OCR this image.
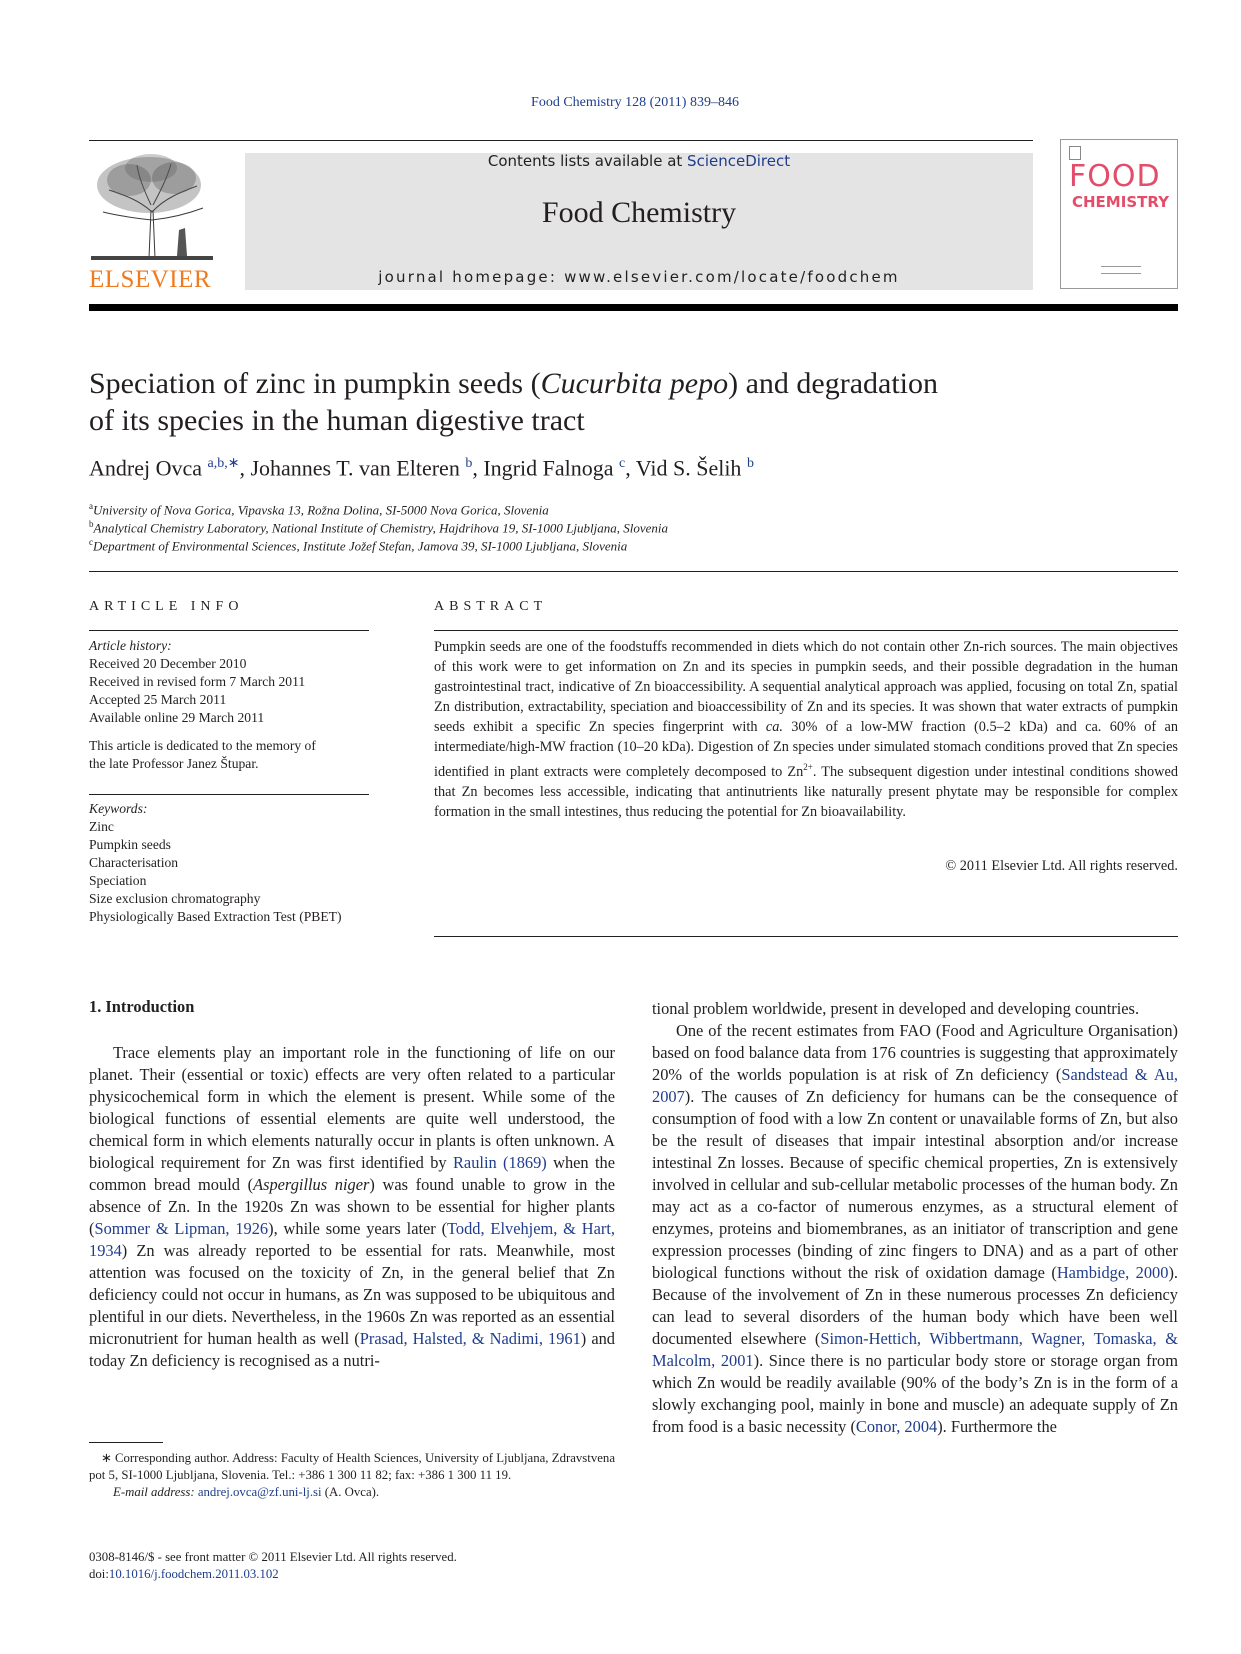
Food Chemistry 128 (2011) 839–846
ELSEVIER
Contents lists available at ScienceDirect
Food Chemistry
journal homepage: www.elsevier.com/locate/foodchem
FOOD
CHEMISTRY
Speciation of zinc in pumpkin seeds (Cucurbita pepo) and degradation
of its species in the human digestive tract
Andrej Ovca $^{a,b,∗}$, Johannes T. van Elteren $^b$, Ingrid Falnoga $^c$, Vid S. Šelih $^b$
$^a$University of Nova Gorica, Vipavska 13, Rožna Dolina, SI-5000 Nova Gorica, Slovenia
$^b$Analytical Chemistry Laboratory, National Institute of Chemistry, Hajdrihova 19, SI-1000 Ljubljana, Slovenia
$^c$Department of Environmental Sciences, Institute Jožef Stefan, Jamova 39, SI-1000 Ljubljana, Slovenia
ARTICLE INFO
Article history:
Received 20 December 2010
Received in revised form 7 March 2011
Accepted 25 March 2011
Available online 29 March 2011

This article is dedicated to the memory of
the late Professor Janez Štupar.
Keywords:
Zinc
Pumpkin seeds
Characterisation
Speciation
Size exclusion chromatography
Physiologically Based Extraction Test (PBET)
ABSTRACT
Pumpkin seeds are one of the foodstuffs recommended in diets which do not contain other Zn-rich sources. The main objectives of this work were to get information on Zn and its species in pumpkin seeds, and their possible degradation in the human gastrointestinal tract, indicative of Zn bioaccessibility. A sequential analytical approach was applied, focusing on total Zn, spatial Zn distribution, extractability, speciation and bioaccessibility of Zn and its species. It was shown that water extracts of pumpkin seeds exhibit a specific Zn species fingerprint with ca. 30% of a low-MW fraction (0.5–2 kDa) and ca. 60% of an intermediate/high-MW fraction (10–20 kDa). Digestion of Zn species under simulated stomach conditions proved that Zn species identified in plant extracts were completely decomposed to $Zn^{2+}$. The subsequent digestion under intestinal conditions showed that Zn becomes less accessible, indicating that antinutrients like naturally present phytate may be responsible for complex formation in the small intestines, thus reducing the potential for Zn bioavailability.
© 2011 Elsevier Ltd. All rights reserved.
1. Introduction

Trace elements play an important role in the functioning of life on our planet. Their (essential or toxic) effects are very often related to a particular physicochemical form in which the element is present. While some of the biological functions of essential elements are quite well understood, the chemical form in which elements naturally occur in plants is often unknown. A biological requirement for Zn was first identified by Raulin (1869) when the common bread mould (Aspergillus niger) was found unable to grow in the absence of Zn. In the 1920s Zn was shown to be essential for higher plants (Sommer & Lipman, 1926), while some years later (Todd, Elvehjem, & Hart, 1934) Zn was already reported to be essential for rats. Meanwhile, most attention was focused on the toxicity of Zn, in the general belief that Zn deficiency could not occur in humans, as Zn was supposed to be ubiquitous and plentiful in our diets. Nevertheless, in the 1960s Zn was reported as an essential micronutrient for human health as well (Prasad, Halsted, & Nadimi, 1961) and today Zn deficiency is recognised as a nutri-

∗ Corresponding author. Address: Faculty of Health Sciences, University of Ljubljana, Zdravstvena pot 5, SI-1000 Ljubljana, Slovenia. Tel.: +386 1 300 11 82; fax: +386 1 300 11 19.
E-mail address: andrej.ovca@zf.uni-lj.si (A. Ovca).
0308-8146/$ - see front matter © 2011 Elsevier Ltd. All rights reserved.
doi:10.1016/j.foodchem.2011.03.102
tional problem worldwide, present in developed and developing countries.

One of the recent estimates from FAO (Food and Agriculture Organisation) based on food balance data from 176 countries is suggesting that approximately 20% of the worlds population is at risk of Zn deficiency (Sandstead & Au, 2007). The causes of Zn deficiency for humans can be the consequence of consumption of food with a low Zn content or unavailable forms of Zn, but also be the result of diseases that impair intestinal absorption and/or increase intestinal Zn losses. Because of specific chemical properties, Zn is extensively involved in cellular and sub-cellular metabolic processes of the human body. Zn may act as a co-factor of numerous enzymes, as a structural element of enzymes, proteins and biomembranes, as an initiator of transcription and gene expression processes (binding of zinc fingers to DNA) and as a part of other biological functions without the risk of oxidation damage (Hambidge, 2000). Because of the involvement of Zn in these numerous processes Zn deficiency can lead to several disorders of the human body which have been well documented elsewhere (Simon-Hettich, Wibbertmann, Wagner, Tomaska, & Malcolm, 2001). Since there is no particular body store or storage organ from which Zn would be readily available (90% of the body’s Zn is in the form of a slowly exchanging pool, mainly in bone and muscle) an adequate supply of Zn from food is a basic necessity (Conor, 2004). Furthermore the
